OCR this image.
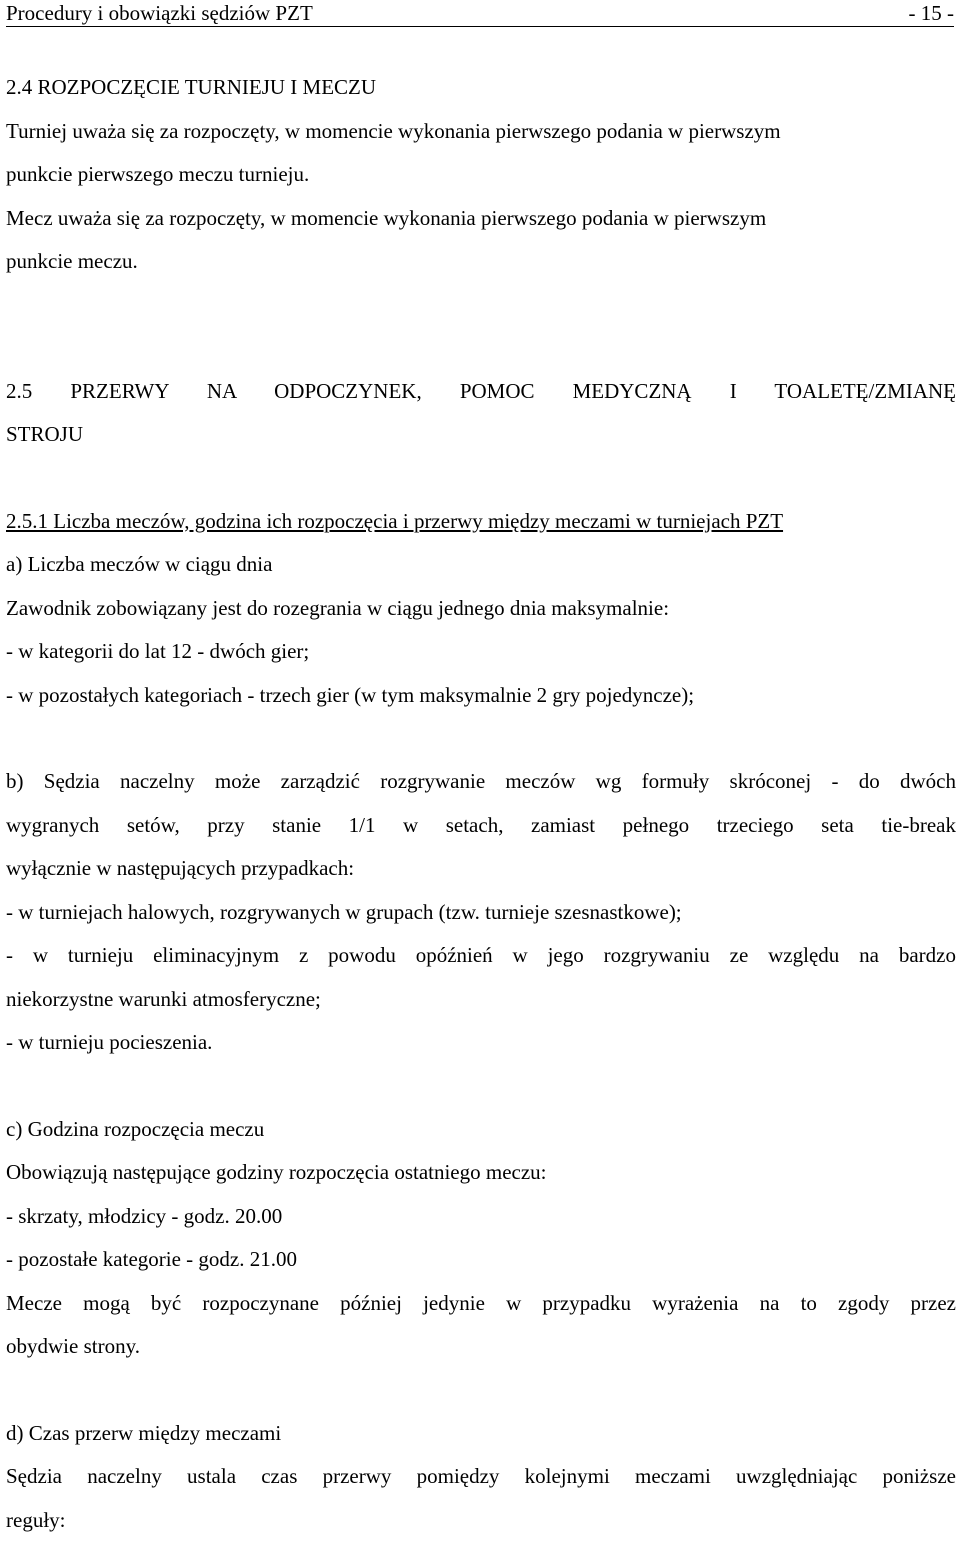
Procedury i obowiązki sędziów PZT	- 15 -
2.4 ROZPOCZĘCIE TURNIEJU I MECZU
Turniej uważa się za rozpoczęty, w momencie wykonania pierwszego podania w pierwszym
punkcie pierwszego meczu turnieju.
Mecz uważa się za rozpoczęty, w momencie wykonania pierwszego podania w pierwszym
punkcie meczu.
2.5 PRZERWY NA ODPOCZYNEK, POMOC MEDYCZNĄ I TOALETĘ/ZMIANĘ
STROJU
2.5.1 Liczba meczów, godzina ich rozpoczęcia i przerwy między meczami w turniejach PZT
a) Liczba meczów w ciągu dnia
Zawodnik zobowiązany jest do rozegrania w ciągu jednego dnia maksymalnie:
- w kategorii do lat 12 - dwóch gier;
- w pozostałych kategoriach - trzech gier (w tym maksymalnie 2 gry pojedyncze);
b) Sędzia naczelny może zarządzić rozgrywanie meczów wg formuły skróconej - do dwóch
wygranych setów, przy stanie 1/1 w setach, zamiast pełnego trzeciego seta tie-break
wyłącznie w następujących przypadkach:
- w turniejach halowych, rozgrywanych w grupach (tzw. turnieje szesnastkowe);
- w turnieju eliminacyjnym z powodu opóźnień w jego rozgrywaniu ze względu na bardzo
niekorzystne warunki atmosferyczne;
- w turnieju pocieszenia.
c) Godzina rozpoczęcia meczu
Obowiązują następujące godziny rozpoczęcia ostatniego meczu:
- skrzaty, młodzicy - godz. 20.00
- pozostałe kategorie - godz. 21.00
Mecze mogą być rozpoczynane później jedynie w przypadku wyrażenia na to zgody przez
obydwie strony.
d) Czas przerw między meczami
Sędzia naczelny ustala czas przerwy pomiędzy kolejnymi meczami uwzględniając poniższe
reguły:
